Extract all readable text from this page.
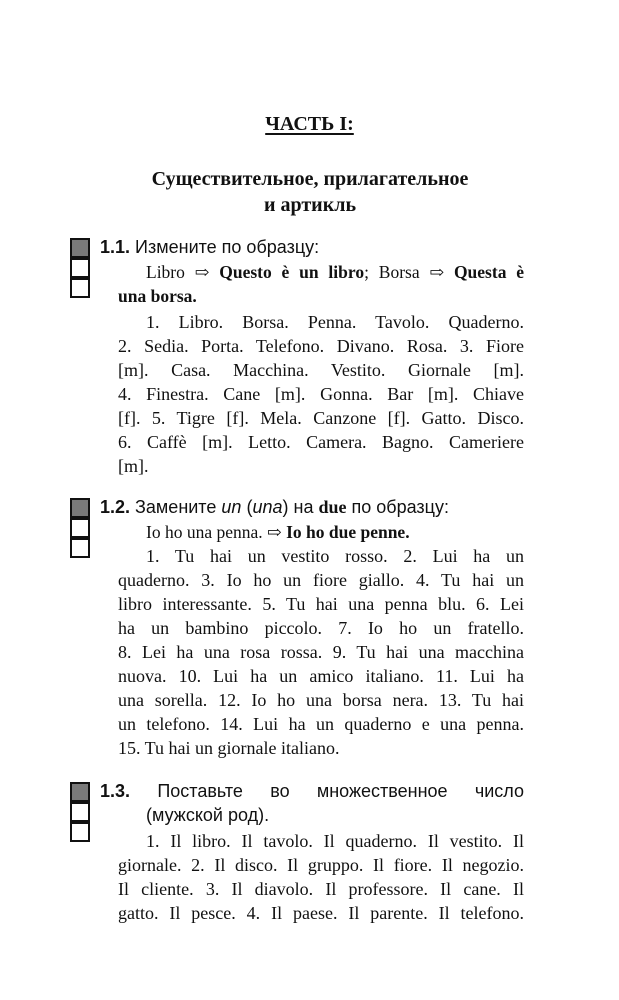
ЧАСТЬ I:
Существительное, прилагательное
и артикль
1.1. Измените по образцу:
Libro ⇨ Questo è un libro; Borsa ⇨ Questa è
una borsa.
1. Libro. Borsa. Penna. Tavolo. Quaderno.
2. Sedia. Porta. Telefono. Divano. Rosa. 3. Fiore
[m]. Casa. Macchina. Vestito. Giornale [m].
4. Finestra. Cane [m]. Gonna. Bar [m]. Chiave
[f]. 5. Tigre [f]. Mela. Canzone [f]. Gatto. Disco.
6. Caffè [m]. Letto. Camera. Bagno. Cameriere
[m].
1.2. Замените un (una) на due по образцу:
Io ho una penna. ⇨ Io ho due penne.
1. Tu hai un vestito rosso. 2. Lui ha un
quaderno. 3. Io ho un fiore giallo. 4. Tu hai un
libro interessante. 5. Tu hai una penna blu. 6. Lei
ha un bambino piccolo. 7. Io ho un fratello.
8. Lei ha una rosa rossa. 9. Tu hai una macchina
nuova. 10. Lui ha un amico italiano. 11. Lui ha
una sorella. 12. Io ho una borsa nera. 13. Tu hai
un telefono. 14. Lui ha un quaderno e una penna.
15. Tu hai un giornale italiano.
1.3. Поставьте во множественное число
(мужской род).
1. Il libro. Il tavolo. Il quaderno. Il vestito. Il
giornale. 2. Il disco. Il gruppo. Il fiore. Il negozio.
Il cliente. 3. Il diavolo. Il professore. Il cane. Il
gatto. Il pesce. 4. Il paese. Il parente. Il telefono.
